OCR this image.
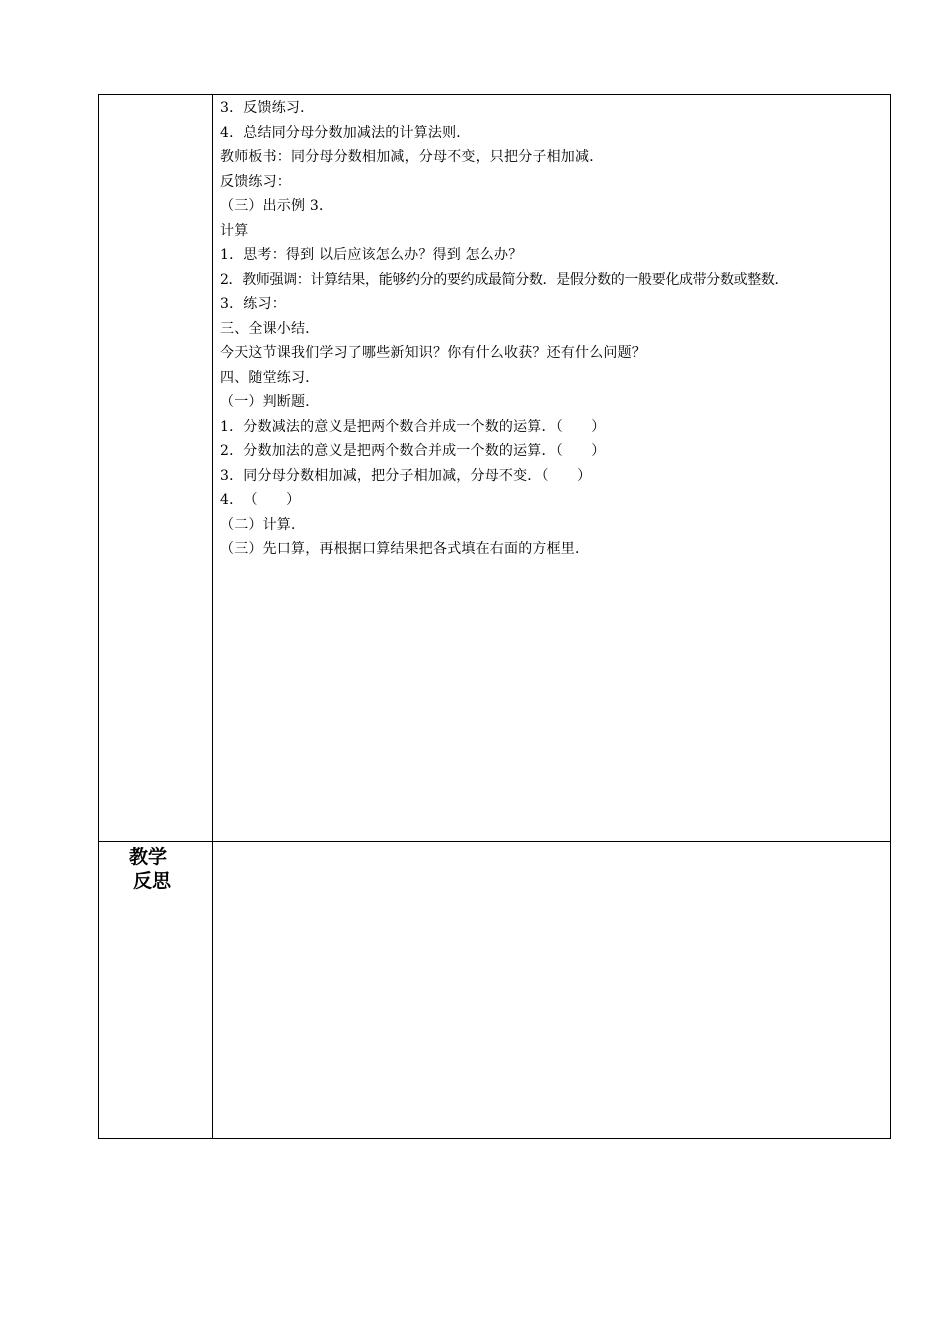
3．反馈练习．
4．总结同分母分数加减法的计算法则．
教师板书：同分母分数相加减，分母不变，只把分子相加减．
反馈练习：
（三）出示例 3．
计算
1．思考：得到 以后应该怎么办？得到 怎么办？
2．教师强调：计算结果，能够约分的要约成最简分数．是假分数的一般要化成带分数或整数．
3．练习：
三、全课小结．
今天这节课我们学习了哪些新知识？你有什么收获？还有什么问题？
四、随堂练习．
（一）判断题．
1．分数减法的意义是把两个数合并成一个数的运算．（　　）
2．分数加法的意义是把两个数合并成一个数的运算．（　　）
3．同分母分数相加减，把分子相加减，分母不变．（　　）
4．　（　　）
（二）计算．
（三）先口算，再根据口算结果把各式填在右面的方框里．
教学
反思
